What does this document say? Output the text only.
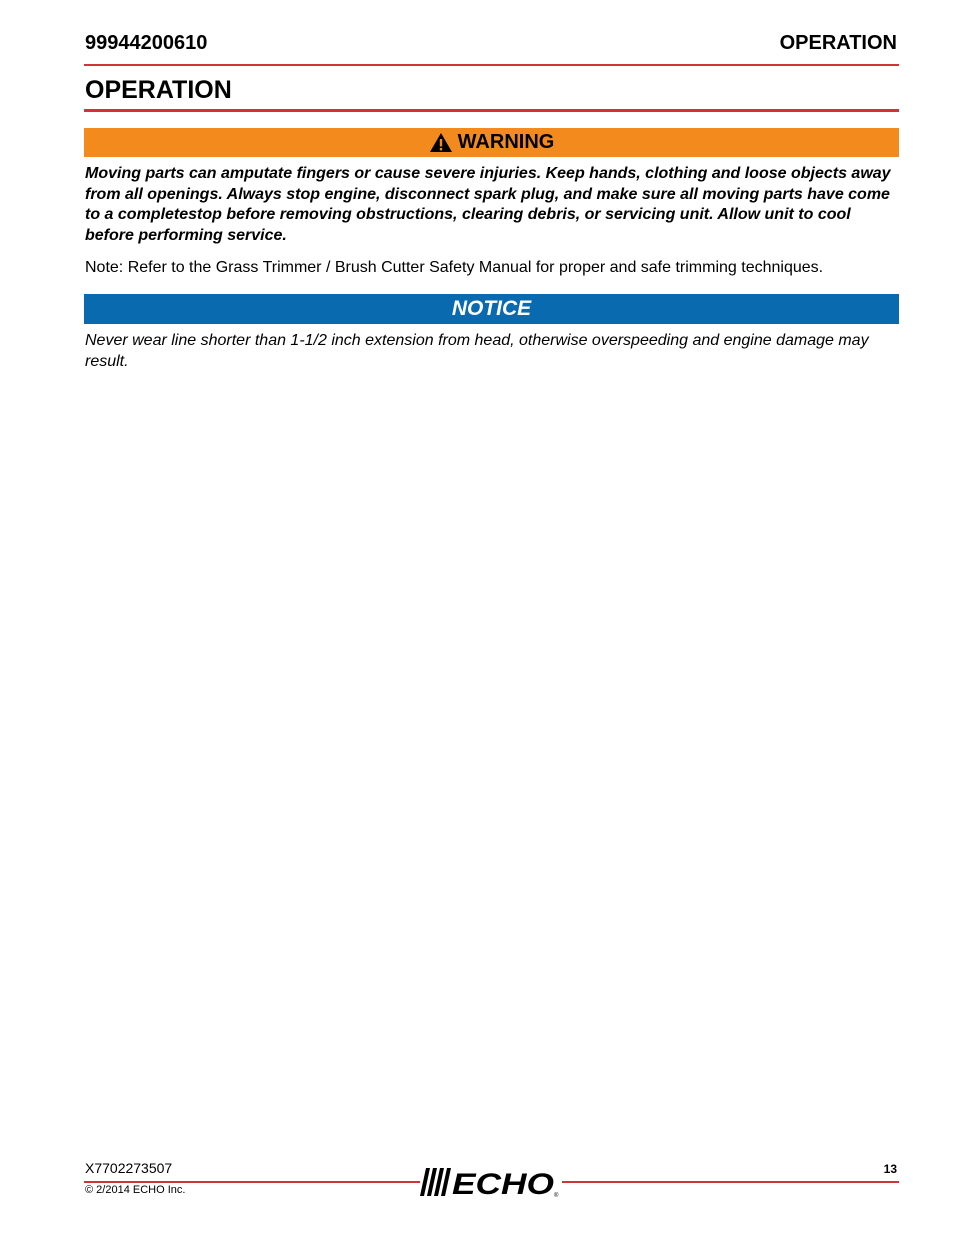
99944200610	OPERATION
OPERATION
WARNING
Moving parts can amputate fingers or cause severe injuries. Keep hands, clothing and loose objects away from all openings. Always stop engine, disconnect spark plug, and make sure all moving parts have come to a completestop before removing obstructions, clearing debris, or servicing unit. Allow unit to cool before performing service.
Note: Refer to the Grass Trimmer / Brush Cutter Safety Manual for proper and safe trimming techniques.
NOTICE
Never wear line shorter than 1-1/2 inch extension from head, otherwise overspeeding and engine damage may result.
X7702273507
© 2/2014 ECHO Inc.
13
ECHO ®
